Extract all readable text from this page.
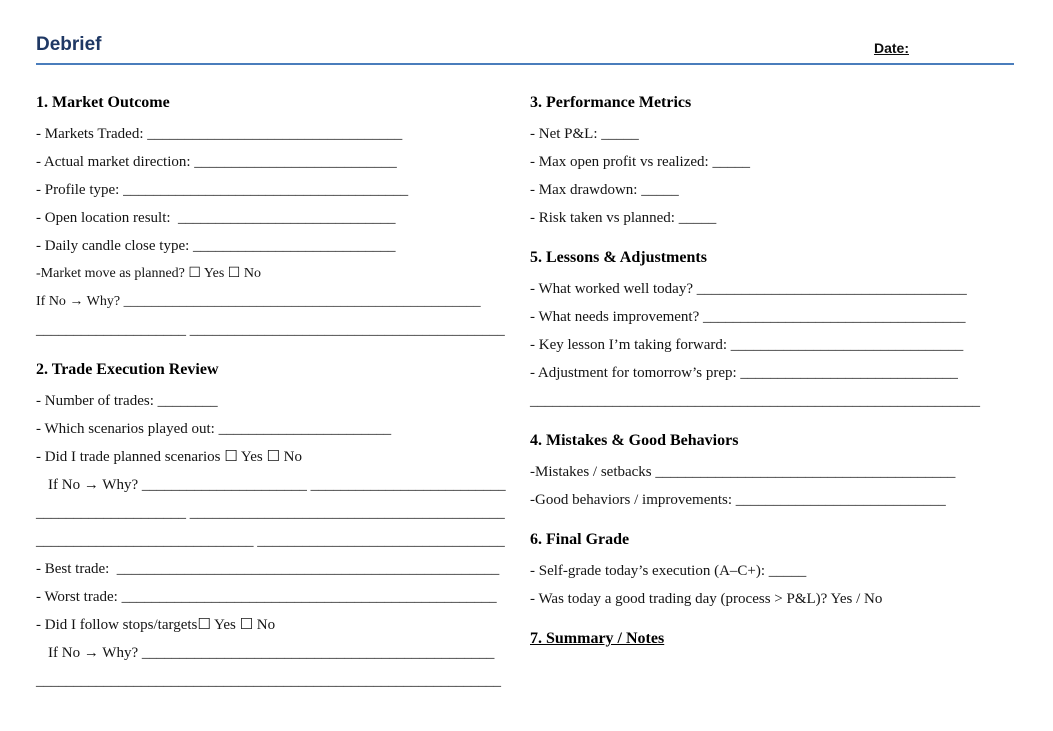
Debrief	Date:
1. Market Outcome
- Markets Traded: __________________________________
- Actual market direction: ___________________________
- Profile type: ______________________________________
- Open location result:  _____________________________
- Daily candle close type: ___________________________
-Market move as planned? ☐ Yes ☐ No
If No → Why? ___________________________________________________
____________________ __________________________________________
2. Trade Execution Review
- Number of trades: ________
- Which scenarios played out: _______________________
- Did I trade planned scenarios ☐ Yes ☐ No
If No → Why? ______________________ __________________________
____________________ __________________________________________
_____________________________ _________________________________
- Best trade:  ___________________________________________________
- Worst trade: __________________________________________________
- Did I follow stops/targets☐ Yes ☐ No
If No → Why? _______________________________________________
______________________________________________________________
3. Performance Metrics
- Net P&L: _____
- Max open profit vs realized: _____
- Max drawdown: _____
- Risk taken vs planned: _____
5. Lessons & Adjustments
- What worked well today? ____________________________________
- What needs improvement? ___________________________________
- Key lesson I’m taking forward: _______________________________
- Adjustment for tomorrow’s prep: _____________________________
____________________________________________________________
4. Mistakes & Good Behaviors
-Mistakes / setbacks ________________________________________
-Good behaviors / improvements: ____________________________
6. Final Grade
- Self-grade today’s execution (A–C+): _____
- Was today a good trading day (process > P&L)? Yes / No
7. Summary / Notes
